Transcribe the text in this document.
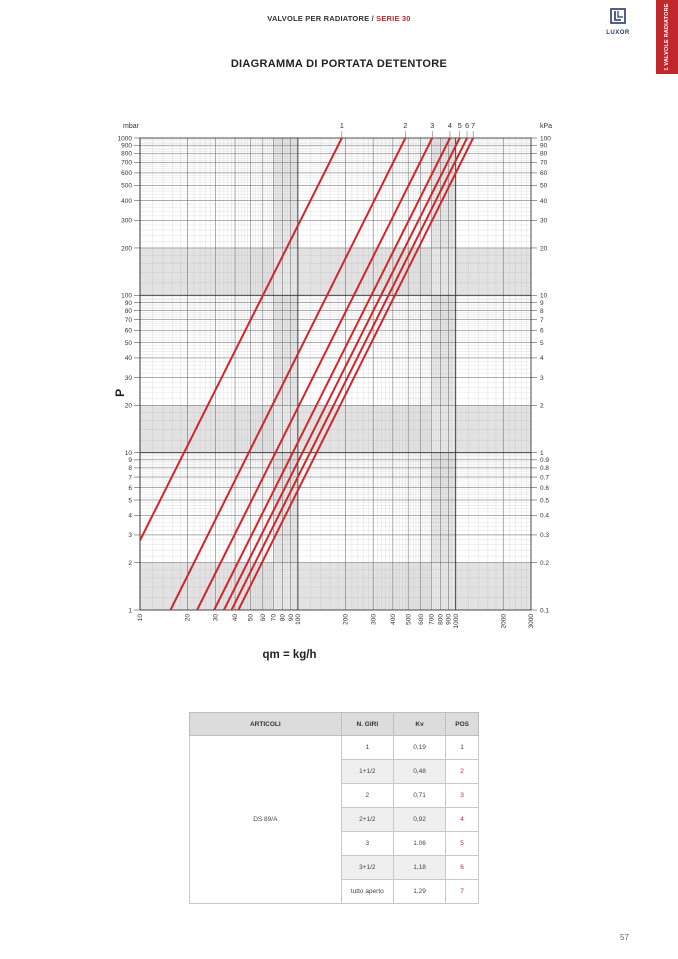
VALVOLE PER RADIATORE / SERIE 30
LUXOR	1 VALVOLE RADIATORE
DIAGRAMMA DI PORTATA DETENTORE
1
2
3
4
5
6
7
8
9
10
20
30
40
50
60
70
80
90
100
200
300
400
500
600
700
800
900
1000
0.1
0.2
0.3
0.4
0.5
0.6
0.7
0.8
0.9
1
2
3
4
5
6
7
8
9
10
20
30
40
50
60
70
80
90
100
10	20	30 40 50 60 70 80 90 100	200	300 400 500 600 700 800 900 1000	2000	3000
mbar	kPa
P
qm = kg/h
1	2	3 4 5 6 7
ARTICOLI	N. GIRI	Kv	POS
DS 89/A	1	0,19	1
	1+1/2	0,48	2
	2	0,71	3
	2+1/2	0,92	4
	3	1,06	5
	3+1/2	1,18	6
	tutto aperto	1,29	7
57
